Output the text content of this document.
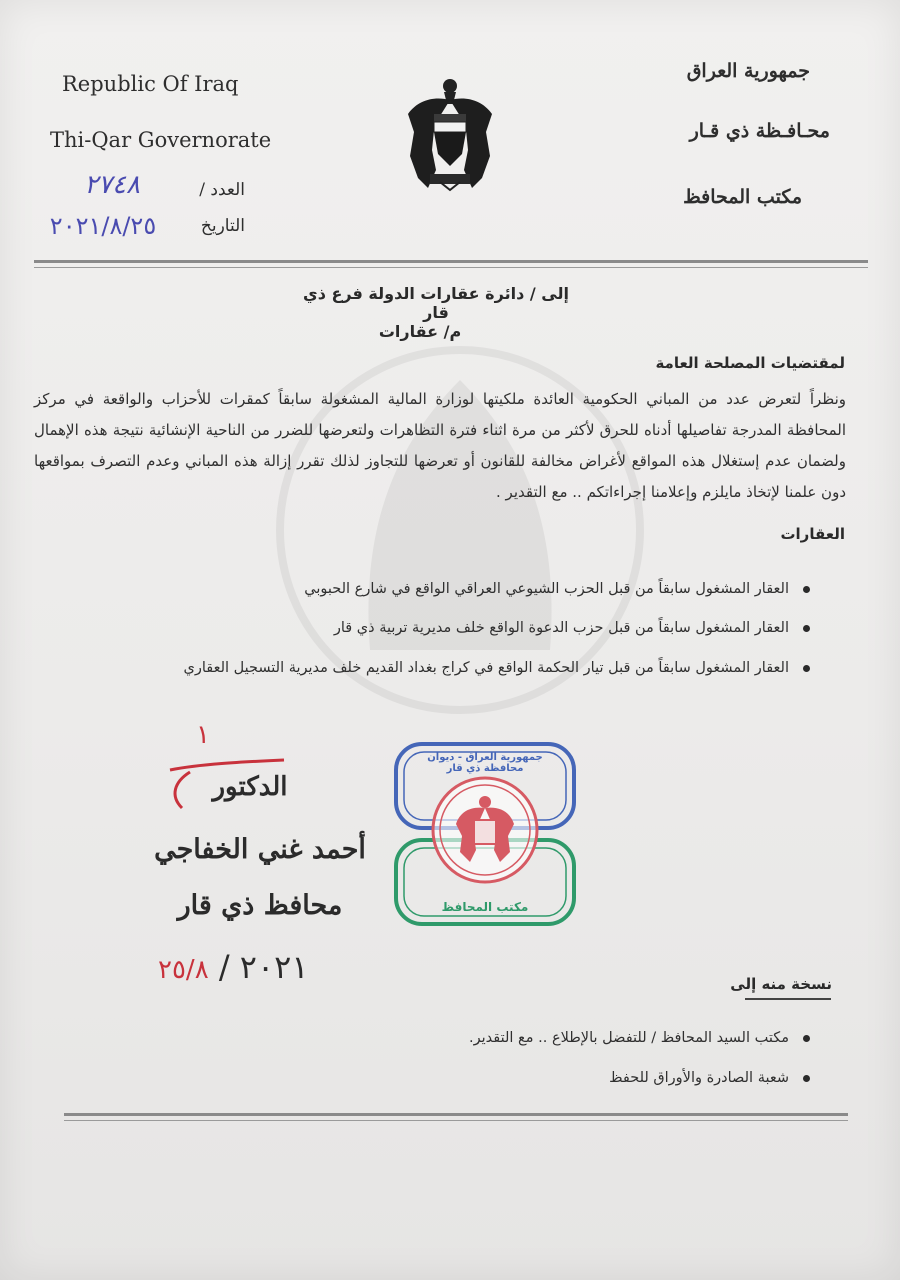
Republic Of Iraq
Thi-Qar Governorate
العدد /
٢٧٤٨
التاريخ
٢٠٢١/٨/٢٥
جمهورية العراق
محـافـظة ذي قـار
مكتب المحافظ
إلى / دائرة عقارات الدولة فرع ذي قار
م/ عقارات
لمقتضيات المصلحة العامة
ونظراً لتعرض عدد من المباني الحكومية العائدة ملكيتها لوزارة المالية المشغولة سابقاً كمقرات للأحزاب والواقعة في مركز المحافظة المدرجة تفاصيلها أدناه للحرق لأكثر من مرة اثناء فترة التظاهرات ولتعرضها للضرر من الناحية الإنشائية نتيجة هذه الإهمال ولضمان عدم إستغلال هذه المواقع لأغراض مخالفة للقانون أو تعرضها للتجاوز لذلك تقرر إزالة هذه المباني وعدم التصرف بمواقعها دون علمنا لإتخاذ مايلزم وإعلامنا إجراءاتكم .. مع التقدير .
العقارات
العقار المشغول سابقاً من قبل الحزب الشيوعي العراقي الواقع في شارع الحبوبي
العقار المشغول سابقاً من قبل حزب الدعوة الواقع خلف مديرية تربية ذي قار
العقار المشغول سابقاً من قبل تيار الحكمة الواقع في كراج بغداد القديم خلف مديرية التسجيل العقاري
١
الدكتور
أحمد غني الخفاجي
محافظ ذي قار
٢٠٢١ / ٢٥/٨
جمهورية العراق - ديوان محافظة ذي قار
مكتب المحافظ
نسخة منه إلى
مكتب السيد المحافظ / للتفضل بالإطلاع .. مع التقدير.
شعبة الصادرة والأوراق للحفظ
